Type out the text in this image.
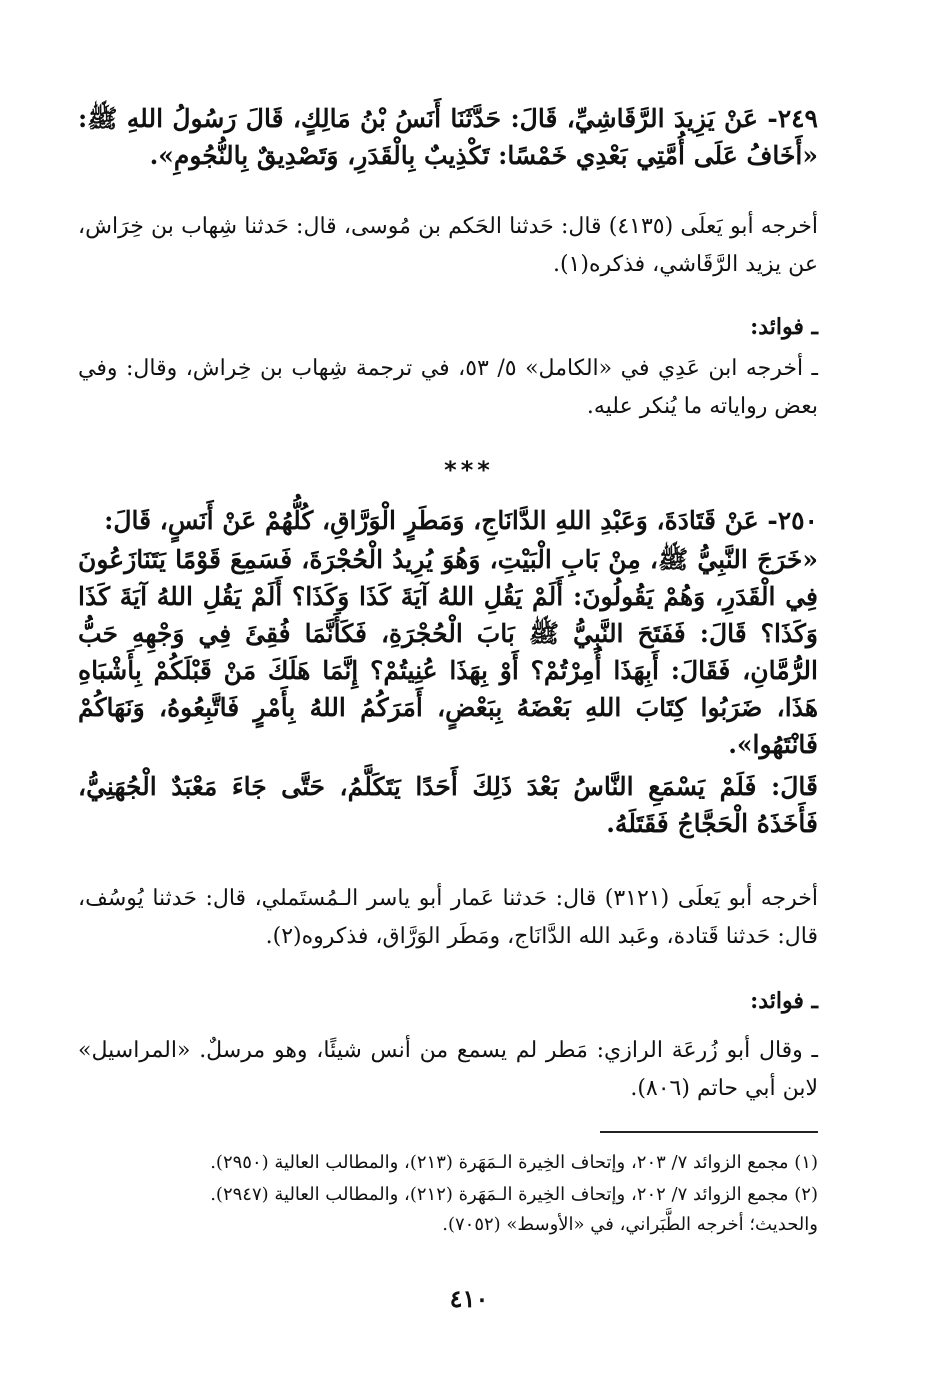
٢٤٩- عَنْ يَزِيدَ الرَّقَاشِيِّ، قَالَ: حَدَّثَنَا أَنَسُ بْنُ مَالِكٍ، قَالَ رَسُولُ اللهِ ﷺ: «أَخَافُ عَلَى أُمَّتِي بَعْدِي خَمْسًا: تَكْذِيبٌ بِالْقَدَرِ، وَتَصْدِيقٌ بِالنُّجُومِ».
أخرجه أبو يَعلَى (٤١٣٥) قال: حَدثنا الحَكم بن مُوسى، قال: حَدثنا شِهاب بن خِرَاش، عن يزيد الرَّقَاشي، فذكره(١).
ـ فوائد:
ـ أخرجه ابن عَدِي في «الكامل» ٥/ ٥٣، في ترجمة شِهاب بن خِراش، وقال: وفي بعض رواياته ما يُنكر عليه.
***
٢٥٠- عَنْ قَتَادَةَ، وَعَبْدِ اللهِ الدَّانَاجِ، وَمَطَرٍ الْوَرَّاقِ، كُلُّهُمْ عَنْ أَنَسٍ، قَالَ:
«خَرَجَ النَّبِيُّ ﷺ، مِنْ بَابِ الْبَيْتِ، وَهُوَ يُرِيدُ الْحُجْرَةَ، فَسَمِعَ قَوْمًا يَتَنَازَعُونَ فِي الْقَدَرِ، وَهُمْ يَقُولُونَ: أَلَمْ يَقُلِ اللهُ آيَةَ كَذَا وَكَذَا؟ أَلَمْ يَقُلِ اللهُ آيَةَ كَذَا وَكَذَا؟ قَالَ: فَفَتَحَ النَّبِيُّ ﷺ بَابَ الْحُجْرَةِ، فَكَأَنَّمَا فُقِئَ فِي وَجْهِهِ حَبُّ الرُّمَّانِ، فَقَالَ: أَبِهَذَا أُمِرْتُمْ؟ أَوْ بِهَذَا عُنِيتُمْ؟ إِنَّمَا هَلَكَ مَنْ قَبْلَكُمْ بِأَشْبَاهِ هَذَا، ضَرَبُوا كِتَابَ اللهِ بَعْضَهُ بِبَعْضٍ، أَمَرَكُمُ اللهُ بِأَمْرٍ فَاتَّبِعُوهُ، وَنَهَاكُمْ فَانْتَهُوا».
قَالَ: فَلَمْ يَسْمَعِ النَّاسُ بَعْدَ ذَلِكَ أَحَدًا يَتَكَلَّمُ، حَتَّى جَاءَ مَعْبَدٌ الْجُهَنِيُّ، فَأَخَذَهُ الْحَجَّاجُ فَقَتَلَهُ.
أخرجه أبو يَعلَى (٣١٢١) قال: حَدثنا عَمار أبو ياسر الـمُستَملي، قال: حَدثنا يُوسُف، قال: حَدثنا قَتادة، وعَبد الله الدَّانَاج، ومَطَر الوَرَّاق، فذكروه(٢).
ـ فوائد:
ـ وقال أبو زُرعَة الرازي: مَطر لم يسمع من أنس شيئًا، وهو مرسلٌ. «المراسيل» لابن أبي حاتم (٨٠٦).
(١) مجمع الزوائد ٧/ ٢٠٣، وإتحاف الخِيرة الـمَهَرة (٢١٣)، والمطالب العالية (٢٩٥٠).
(٢) مجمع الزوائد ٧/ ٢٠٢، وإتحاف الخِيرة الـمَهَرة (٢١٢)، والمطالب العالية (٢٩٤٧).
والحديث؛ أخرجه الطَّبَراني، في «الأوسط» (٧٠٥٢).
٤١٠
